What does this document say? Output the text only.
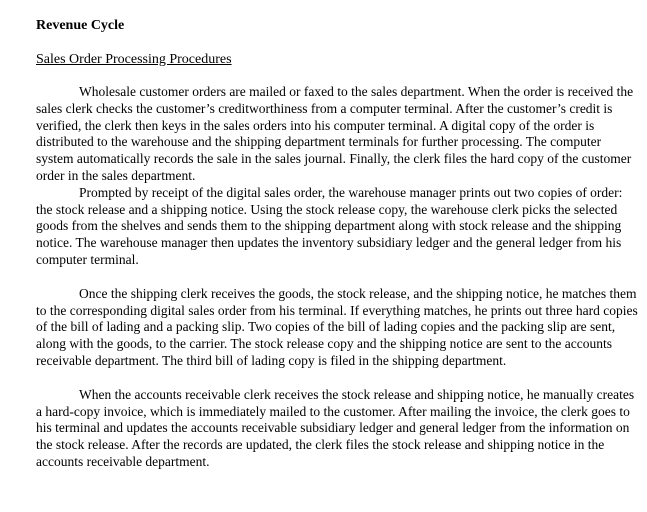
Revenue Cycle
Sales Order Processing Procedures

Wholesale customer orders are mailed or faxed to the sales department. When the order is received the sales clerk checks the customer’s creditworthiness from a computer terminal. After the customer’s credit is verified, the clerk then keys in the sales orders into his computer terminal. A digital copy of the order is distributed to the warehouse and the shipping department terminals for further processing. The computer system automatically records the sale in the sales journal. Finally, the clerk files the hard copy of the customer order in the sales department.

Prompted by receipt of the digital sales order, the warehouse manager prints out two copies of order: the stock release and a shipping notice. Using the stock release copy, the warehouse clerk picks the selected goods from the shelves and sends them to the shipping department along with stock release and the shipping notice. The warehouse manager then updates the inventory subsidiary ledger and the general ledger from his computer terminal.

Once the shipping clerk receives the goods, the stock release, and the shipping notice, he matches them to the corresponding digital sales order from his terminal. If everything matches, he prints out three hard copies of the bill of lading and a packing slip. Two copies of the bill of lading copies and the packing slip are sent, along with the goods, to the carrier. The stock release copy and the shipping notice are sent to the accounts receivable department. The third bill of lading copy is filed in the shipping department.

When the accounts receivable clerk receives the stock release and shipping notice, he manually creates a hard-copy invoice, which is immediately mailed to the customer. After mailing the invoice, the clerk goes to his terminal and updates the accounts receivable subsidiary ledger and general ledger from the information on the stock release. After the records are updated, the clerk files the stock release and shipping notice in the accounts receivable department.
